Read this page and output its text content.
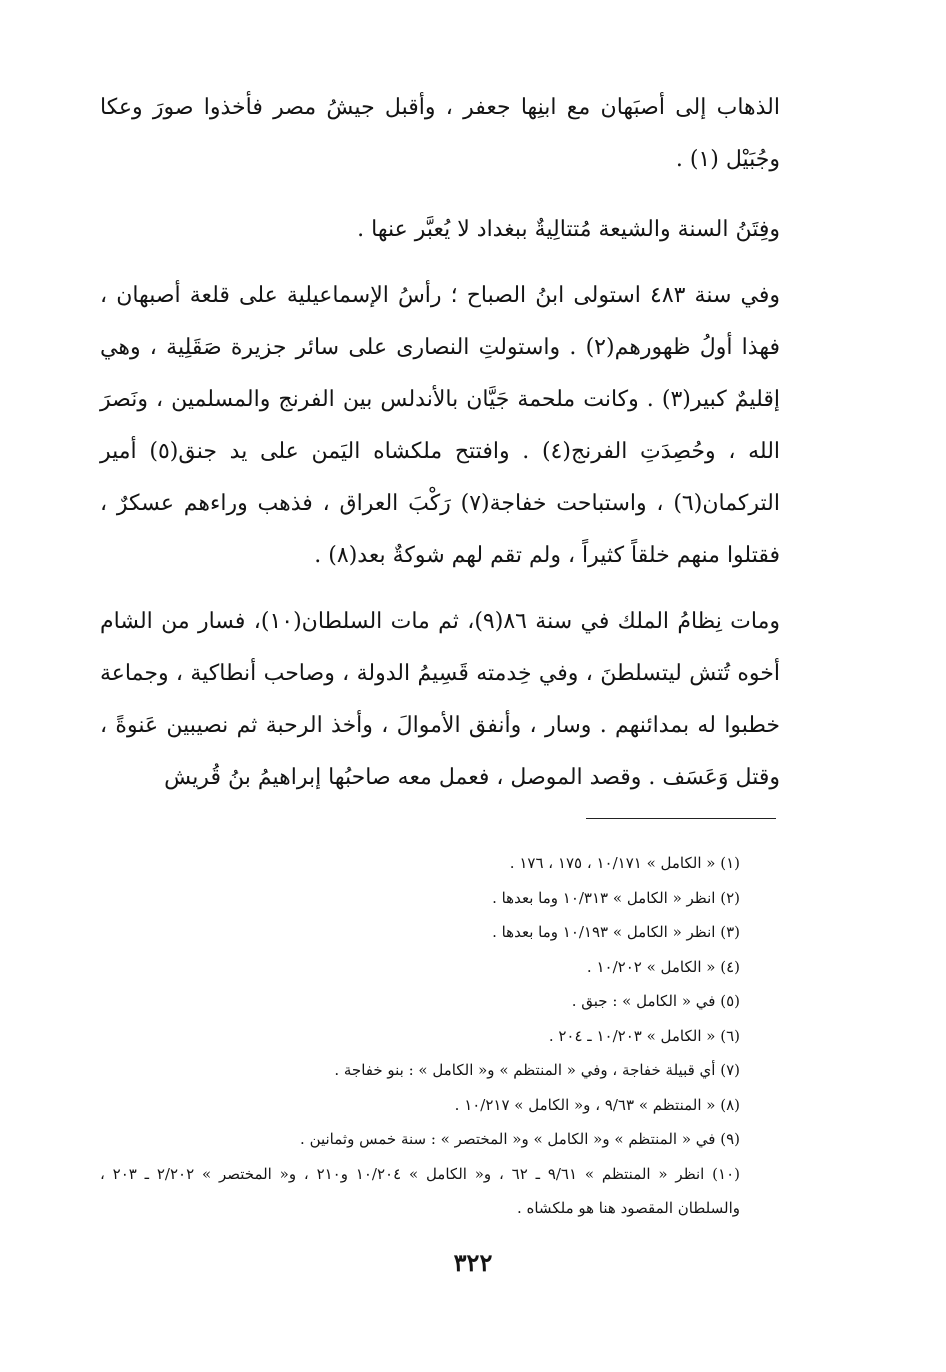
الذهاب إلى أصبَهان مع ابنِها جعفر ، وأقبل جيشُ مصر فأخذوا صورَ وعكا وجُبَيْل (١) .

وفِتَنُ السنة والشيعة مُتتالِيةٌ ببغداد لا يُعبَّر عنها .

وفي سنة ٤٨٣ استولى ابنُ الصباح ؛ رأسُ الإسماعيلية على قلعة أصبهان ، فهذا أولُ ظهورهم(٢) . واستولتِ النصارى على سائر جزيرة صَقَلِية ، وهي إقليمٌ كبير(٣) . وكانت ملحمة جَيَّان بالأندلس بين الفرنج والمسلمين ، ونَصرَ الله ، وحُصِدَتِ الفرنج(٤) . وافتتح ملكشاه اليَمن على يد جنق(٥) أمير التركمان(٦) ، واستباحت خفاجة(٧) رَكْبَ العراق ، فذهب وراءهم عسكرٌ ، فقتلوا منهم خلقاً كثيراً ، ولم تقم لهم شوكةٌ بعد(٨) .

ومات نِظامُ الملك في سنة ٨٦(٩)، ثم مات السلطان(١٠)، فسار من الشام أخوه تُتش ليتسلطنَ ، وفي خِدمته قَسِيمُ الدولة ، وصاحب أنطاكية ، وجماعة خطبوا له بمدائنهم . وسار ، وأنفق الأموالَ ، وأخذ الرحبة ثم نصيبين عَنوةً ، وقتل وَعَسَف . وقصد الموصل ، فعمل معه صاحبُها إبراهيمُ بنُ قُريش

(١) « الكامل » ١٠/١٧١ ، ١٧٥ ، ١٧٦ .
(٢) انظر « الكامل » ١٠/٣١٣ وما بعدها .
(٣) انظر « الكامل » ١٠/١٩٣ وما بعدها .
(٤) « الكامل » ١٠/٢٠٢ .
(٥) في « الكامل » : جبق .
(٦) « الكامل » ١٠/٢٠٣ ـ ٢٠٤ .
(٧) أي قبيلة خفاجة ، وفي « المنتظم » و« الكامل » : بنو خفاجة .
(٨) « المنتظم » ٩/٦٣ ، و« الكامل » ١٠/٢١٧ .
(٩) في « المنتظم » و« الكامل » و« المختصر » : سنة خمس وثمانين .
(١٠) انظر « المنتظم » ٩/٦١ ـ ٦٢ ، و« الكامل » ١٠/٢٠٤ و٢١٠ ، و« المختصر » ٢/٢٠٢ ـ ٢٠٣ ، والسلطان المقصود هنا هو ملكشاه .
٣٢٢
